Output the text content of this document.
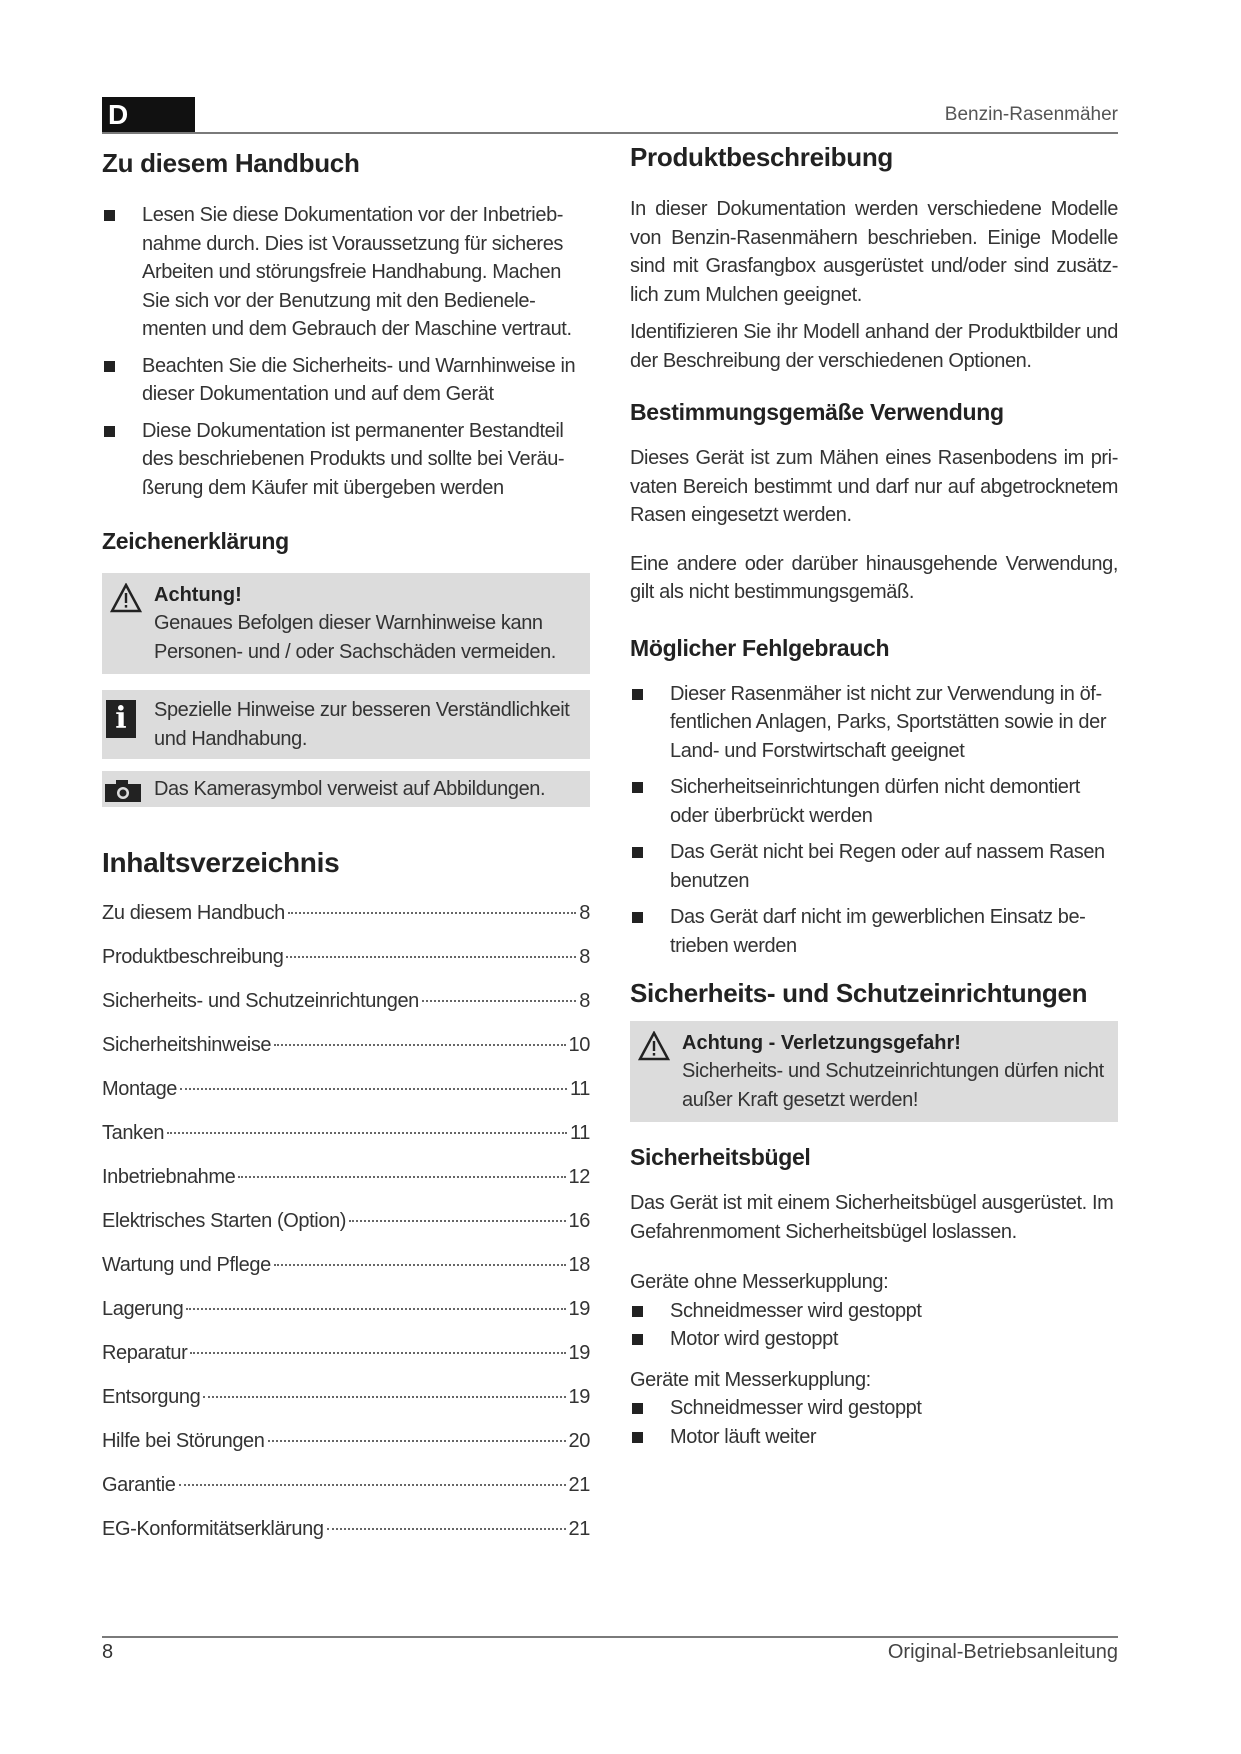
D	Benzin-Rasenmäher
Zu diesem Handbuch
Lesen Sie diese Dokumentation vor der Inbetrieb-nahme durch. Dies ist Voraussetzung für sicheres Arbeiten und störungsfreie Handhabung. Machen Sie sich vor der Benutzung mit den Bedienele-menten und dem Gebrauch der Maschine vertraut.
Beachten Sie die Sicherheits- und Warnhinweise in dieser Dokumentation und auf dem Gerät
Diese Dokumentation ist permanenter Bestandteil des beschriebenen Produkts und sollte bei Veräu-ßerung dem Käufer mit übergeben werden
Zeichenerklärung
Achtung!
Genaues Befolgen dieser Warnhinweise kann Personen- und / oder Sachschäden vermeiden.
i	Spezielle Hinweise zur besseren Verständlichkeit und Handhabung.
Das Kamerasymbol verweist auf Abbildungen.
Inhaltsverzeichnis
Zu diesem Handbuch	8
Produktbeschreibung	8
Sicherheits- und Schutzeinrichtungen	8
Sicherheitshinweise	10
Montage	11
Tanken	11
Inbetriebnahme	12
Elektrisches Starten (Option)	16
Wartung und Pflege	18
Lagerung	19
Reparatur	19
Entsorgung	19
Hilfe bei Störungen	20
Garantie	21
EG-Konformitätserklärung	21
Produktbeschreibung

In dieser Dokumentation werden verschiedene Modelle von Benzin-Rasenmähern beschrieben. Einige Modelle sind mit Grasfangbox ausgerüstet und/oder sind zusätz-lich zum Mulchen geeignet.

Identifizieren Sie ihr Modell anhand der Produktbilder und der Beschreibung der verschiedenen Optionen.

Bestimmungsgemäße Verwendung

Dieses Gerät ist zum Mähen eines Rasenbodens im pri-vaten Bereich bestimmt und darf nur auf abgetrocknetem Rasen eingesetzt werden.

Eine andere oder darüber hinausgehende Verwendung, gilt als nicht bestimmungsgemäß.

Möglicher Fehlgebrauch
Dieser Rasenmäher ist nicht zur Verwendung in öf-fentlichen Anlagen, Parks, Sportstätten sowie in der Land- und Forstwirtschaft geeignet
Sicherheitseinrichtungen dürfen nicht demontiert oder überbrückt werden
Das Gerät nicht bei Regen oder auf nassem Rasen benutzen
Das Gerät darf nicht im gewerblichen Einsatz be-trieben werden
Sicherheits- und Schutzeinrichtungen
Achtung - Verletzungsgefahr!
Sicherheits- und Schutzeinrichtungen dürfen nicht außer Kraft gesetzt werden!
Sicherheitsbügel

Das Gerät ist mit einem Sicherheitsbügel ausgerüstet. Im Gefahrenmoment Sicherheitsbügel loslassen.

Geräte ohne Messerkupplung:

Schneidmesser wird gestoppt
Motor wird gestoppt

Geräte mit Messerkupplung:

Schneidmesser wird gestoppt
Motor läuft weiter
8	Original-Betriebsanleitung
